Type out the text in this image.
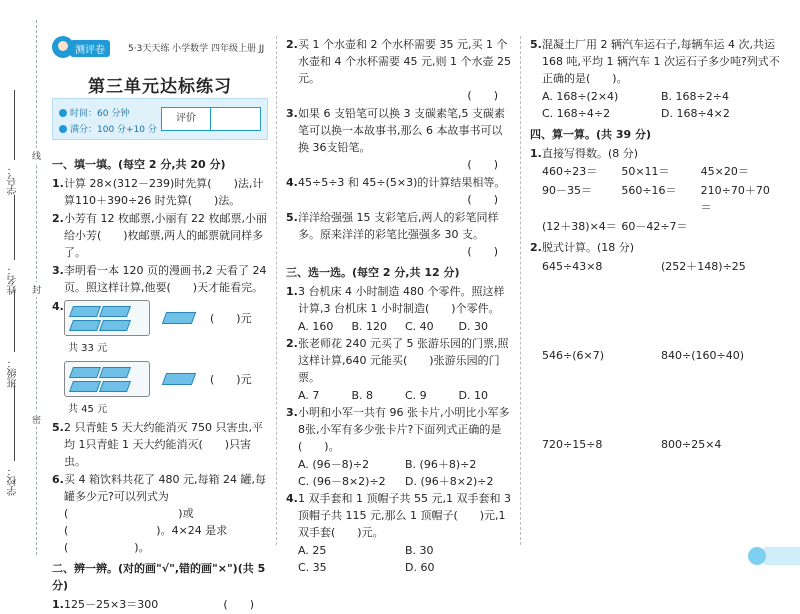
学号：
姓名：
班级：
学校：
线
封
密
测评卷	5·3天天练 小学数学 四年级上册 JJ
第三单元达标练习
时间：60 分钟
满分：100 分+10 分
评价
一、填一填。(每空 2 分,共 20 分)
1. 计算 28×(312－239)时先算(　　)法,计算110＋390÷26 时先算(　　)法。
2. 小芳有 12 枚邮票,小丽有 22 枚邮票,小丽给小芳(　　)枚邮票,两人的邮票就同样多了。
3. 李明看一本 120 页的漫画书,2 天看了 24 页。照这样计算,他要(　　)天才能看完。
4.
(　　)元
共 33 元
(　　)元
共 45 元
5. 2 只青蛙 5 天大约能消灭 750 只害虫,平均 1只青蛙 1 天大约能消灭(　　)只害虫。
6. 买 4 箱饮料共花了 480 元,每箱 24 罐,每罐多少元?可以列式为(　　　　　　　　　　)或(　　　　　　　　)。4×24 是求(　　　　　　)。
二、辨一辨。(对的画"√",错的画"×")(共 5 分)
1. 125－25×3＝300	(　　)
2. 买 1 个水壶和 2 个水杯需要 35 元,买 1 个水壶和 4 个水杯需要 45 元,则 1 个水壶 25 元。
(　　)
3. 如果 6 支铅笔可以换 3 支碳素笔,5 支碳素笔可以换一本故事书,那么 6 本故事书可以换 36支铅笔。
(　　)
4. 45÷5÷3 和 45÷(5×3)的计算结果相等。
(　　)
5. 洋洋给强强 15 支彩笔后,两人的彩笔同样多。原来洋洋的彩笔比强强多 30 支。
(　　)
三、选一选。(每空 2 分,共 12 分)
1. 3 台机床 4 小时制造 480 个零件。照这样计算,3 台机床 1 小时制造(　　)个零件。
A. 160	B. 120	C. 40	D. 30
2. 张老师花 240 元买了 5 张游乐园的门票,照这样计算,640 元能买(　　)张游乐园的门票。
A. 7	B. 8	C. 9	D. 10
3. 小明和小军一共有 96 张卡片,小明比小军多 8张,小军有多少张卡片?下面列式正确的是(　　)。
A. (96－8)÷2	B. (96＋8)÷2
C. (96－8×2)÷2	D. (96＋8×2)÷2
4. 1 双手套和 1 顶帽子共 55 元,1 双手套和 3 顶帽子共 115 元,那么 1 顶帽子(　　)元,1 双手套(　　)元。
A. 25	B. 30
C. 35	D. 60
5. 混凝土厂用 2 辆汽车运石子,每辆车运 4 次,共运 168 吨,平均 1 辆汽车 1 次运石子多少吨?列式不正确的是(　　)。
A. 168÷(2×4)	B. 168÷2÷4
C. 168÷4÷2	D. 168÷4×2
四、算一算。(共 39 分)
1. 直接写得数。(8 分)
460÷23＝	50×11＝	45×20＝
90－35＝	560÷16＝	210÷70＋70＝
(12＋38)×4＝ 60－42÷7＝
2. 脱式计算。(18 分)
645÷43×8	(252＋148)÷25
546÷(6×7)	840÷(160÷40)
720÷15÷8	800÷25×4
